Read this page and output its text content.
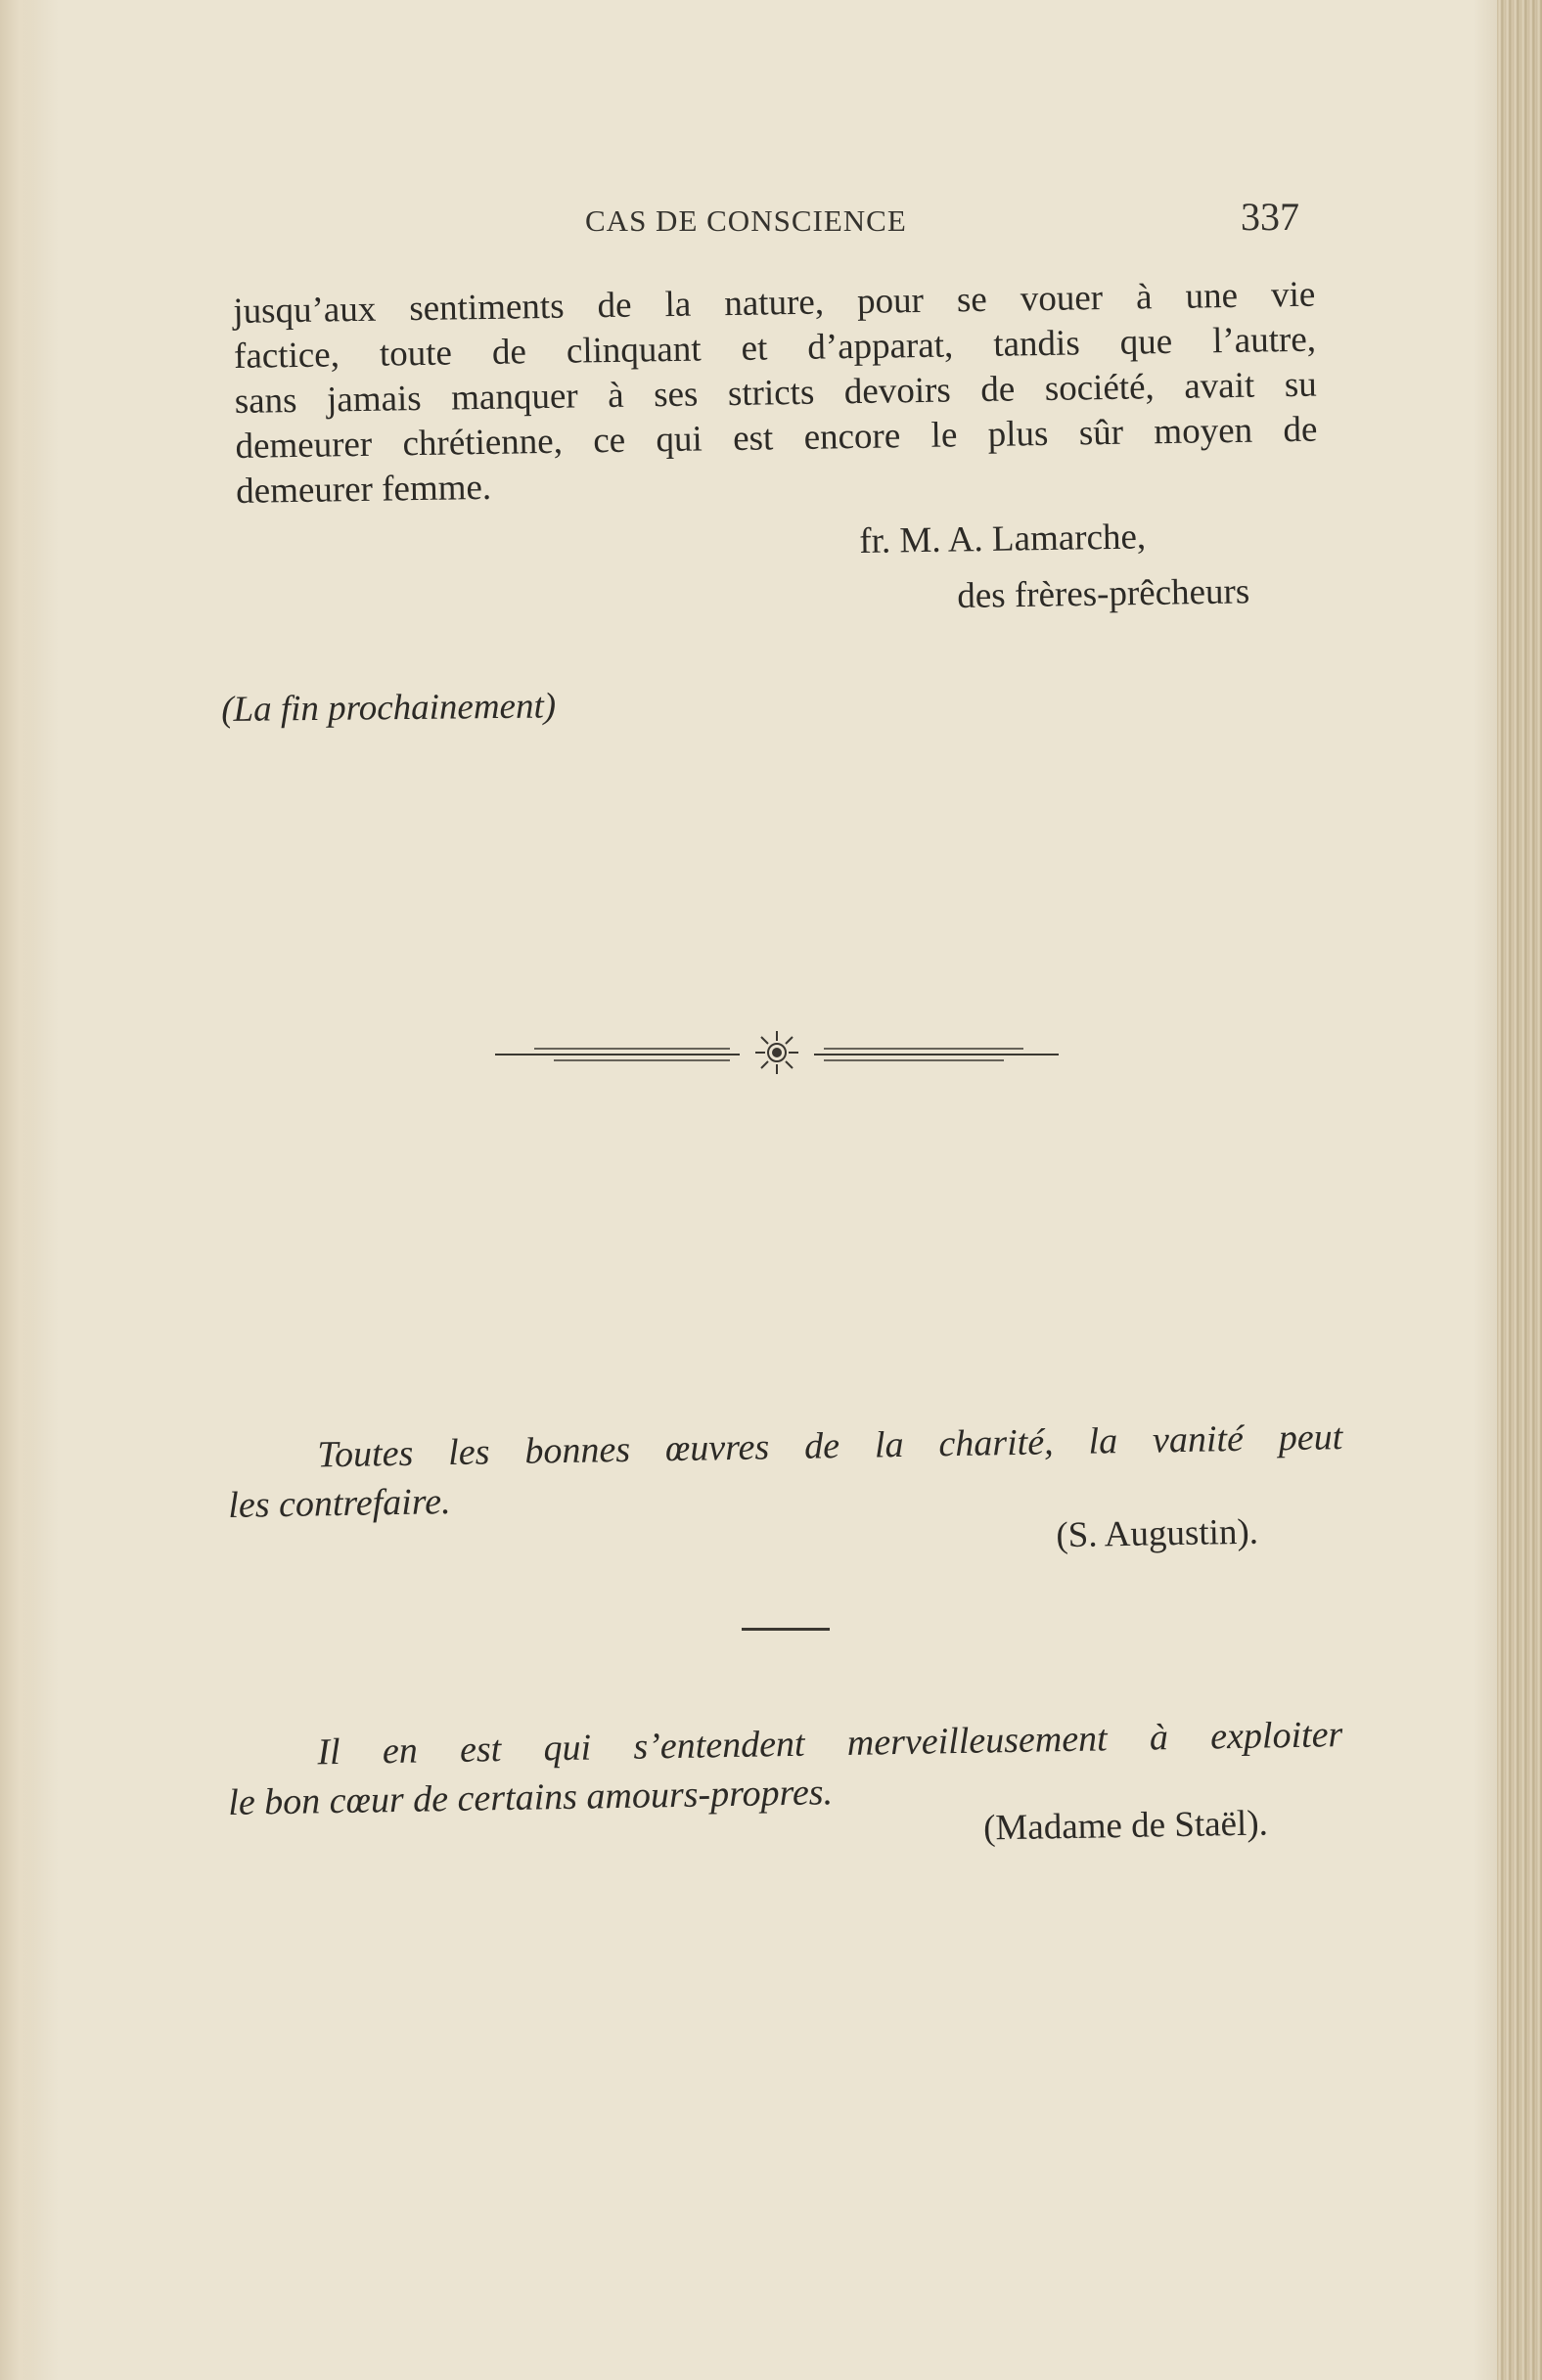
CAS DE CONSCIENCE	337
jusqu’aux sentiments de la nature, pour se vouer à une vie
factice, toute de clinquant et d’apparat, tandis que l’autre,
sans jamais manquer à ses stricts devoirs de société, avait su
demeurer chrétienne, ce qui est encore le plus sûr moyen de
demeurer femme.
fr. M. A. Lamarche,
des frères-prêcheurs
(La fin prochainement)
Toutes les bonnes œuvres de la charité, la vanité peut
les contrefaire.
(S. Augustin).
Il en est qui s’entendent merveilleusement à exploiter
le bon cœur de certains amours-propres.
(Madame de Staël).
